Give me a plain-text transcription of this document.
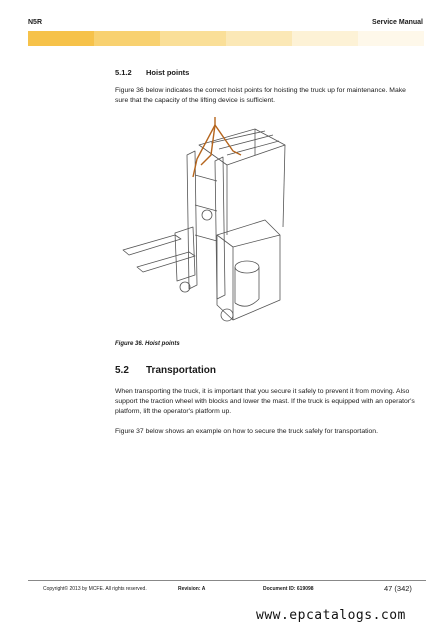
N5R	Service Manual
5.1.2 Hoist points
Figure 36 below indicates the correct hoist points for hoisting the truck up for maintenance. Make sure that the capacity of the lifting device is sufficient.
Figure 36. Hoist points
5.2 Transportation
When transporting the truck, it is important that you secure it safely to prevent it from moving. Also support the traction wheel with blocks and lower the mast. If the truck is equipped with an operator's platform, lift the operator's platform up.
Figure 37 below shows an example on how to secure the truck safely for transportation.
Copyright© 2013 by MCFE. All rights reserved.	Revision: A	Document ID: 619098	47 (342)
www.epcatalogs.com
